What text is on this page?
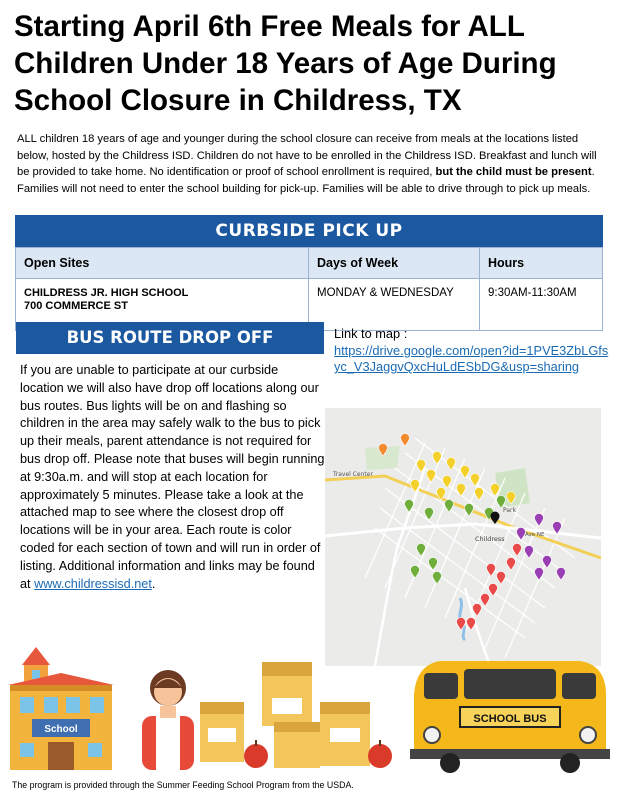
Starting April 6th Free Meals for ALL Children Under 18 Years of Age During School Closure in Childress, TX
ALL children 18 years of age and younger during the school closure can receive from meals at the locations listed below, hosted by the Childress ISD. Children do not have to be enrolled in the Childress ISD. Breakfast and lunch will be provided to take home. No identification or proof of school enrollment is required, but the child must be present. Families will not need to enter the school building for pick-up. Families will be able to drive through to pick up meals.
CURBSIDE PICK UP
Open Sites	Days of Week	Hours

CHILDRESS JR. HIGH SCHOOL
700 COMMERCE ST	MONDAY & WEDNESDAY	9:30AM-11:30AM
BUS ROUTE DROP OFF
If you are unable to participate at our curbside location we will also have drop off locations along our bus routes. Bus lights will be on and flashing so children in the area may safely walk to the bus to pick up their meals, parent attendance is not required for bus drop off. Please note that buses will begin running at 9:30a.m. and will stop at each location for approximately 5 minutes. Please take a look at the attached map to see where the closest drop off locations will be in your area. Each route is color coded for each section of town and will run in order of listing. Additional information and links may be found at www.childressisd.net.
Link to map :
https://drive.google.com/open?id=1PVE3ZbLGfsyc_V3JaggvQxcHuLdESbDG&usp=sharing
Travel Center
Park
Childress	Ave NE
School
SCHOOL BUS
The program is provided through the Summer Feeding School Program from the USDA.
